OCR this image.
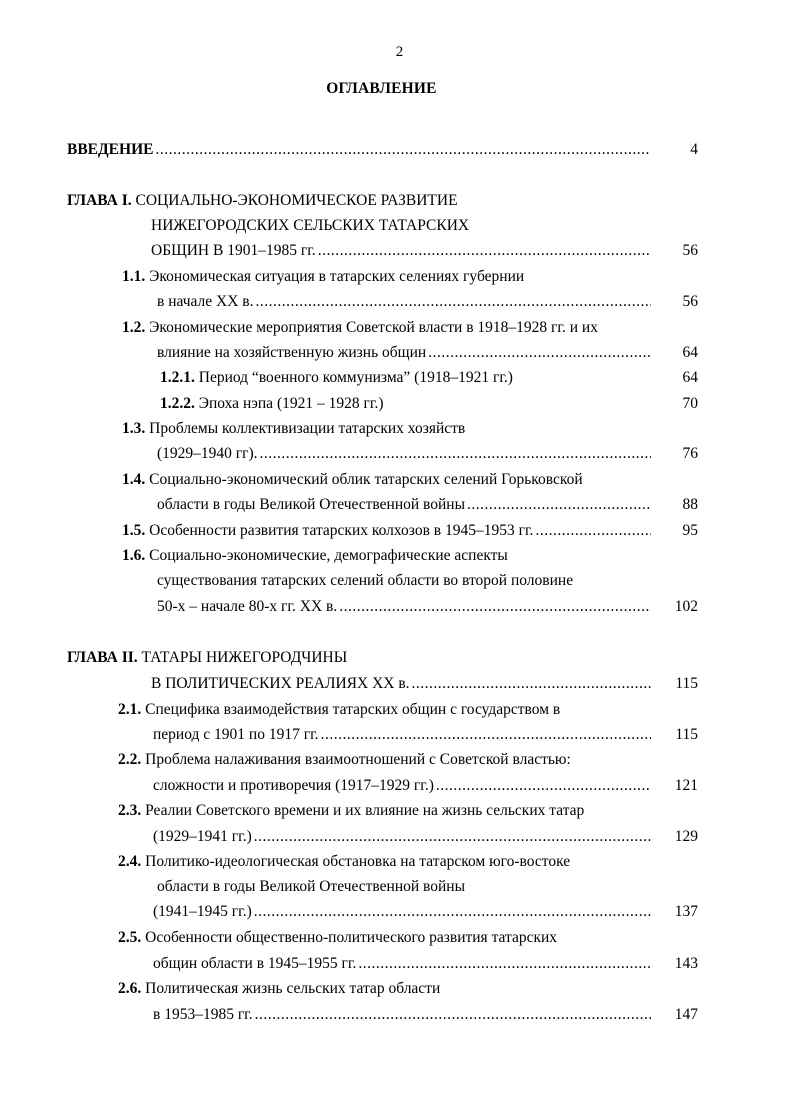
2
ОГЛАВЛЕНИЕ
ВВЕДЕНИЕ .....	4
ГЛАВА I. СОЦИАЛЬНО-ЭКОНОМИЧЕСКОЕ РАЗВИТИЕ
НИЖЕГОРОДСКИХ СЕЛЬСКИХ ТАТАРСКИХ
ОБЩИН В 1901–1985 гг. .....	56
1.1. Экономическая ситуация в татарских селениях губернии
в начале XX в. .....	56
1.2. Экономические мероприятия Советской власти в 1918–1928 гг. и их
влияние на хозяйственную жизнь общин .....	64
1.2.1. Период “военного коммунизма” (1918–1921 гг.)	64
1.2.2. Эпоха нэпа (1921 – 1928 гг.)	70
1.3. Проблемы коллективизации татарских хозяйств
(1929–1940 гг). .....	76
1.4. Социально-экономический облик татарских селений Горьковской
области в годы Великой Отечественной войны .....	88
1.5. Особенности развития татарских колхозов в 1945–1953 гг. .....	95
1.6. Социально-экономические, демографические аспекты
существования татарских селений области во второй половине
50-х – начале 80-х гг. XX в. .....	102
ГЛАВА II. ТАТАРЫ НИЖЕГОРОДЧИНЫ
В ПОЛИТИЧЕСКИХ РЕАЛИЯХ XX в. .....	115
2.1. Специфика взаимодействия татарских общин с государством в
период с 1901 по 1917 гг. .....	115
2.2. Проблема налаживания взаимоотношений с Советской властью:
сложности и противоречия (1917–1929 гг.) .....	121
2.3. Реалии Советского времени и их влияние на жизнь сельских татар
(1929–1941 гг.) .....	129
2.4. Политико-идеологическая обстановка на татарском юго-востоке
области в годы Великой Отечественной войны
(1941–1945 гг.) .....	137
2.5. Особенности общественно-политического развития татарских
общин области в 1945–1955 гг. .....	143
2.6. Политическая жизнь сельских татар области
в 1953–1985 гг. .....	147
